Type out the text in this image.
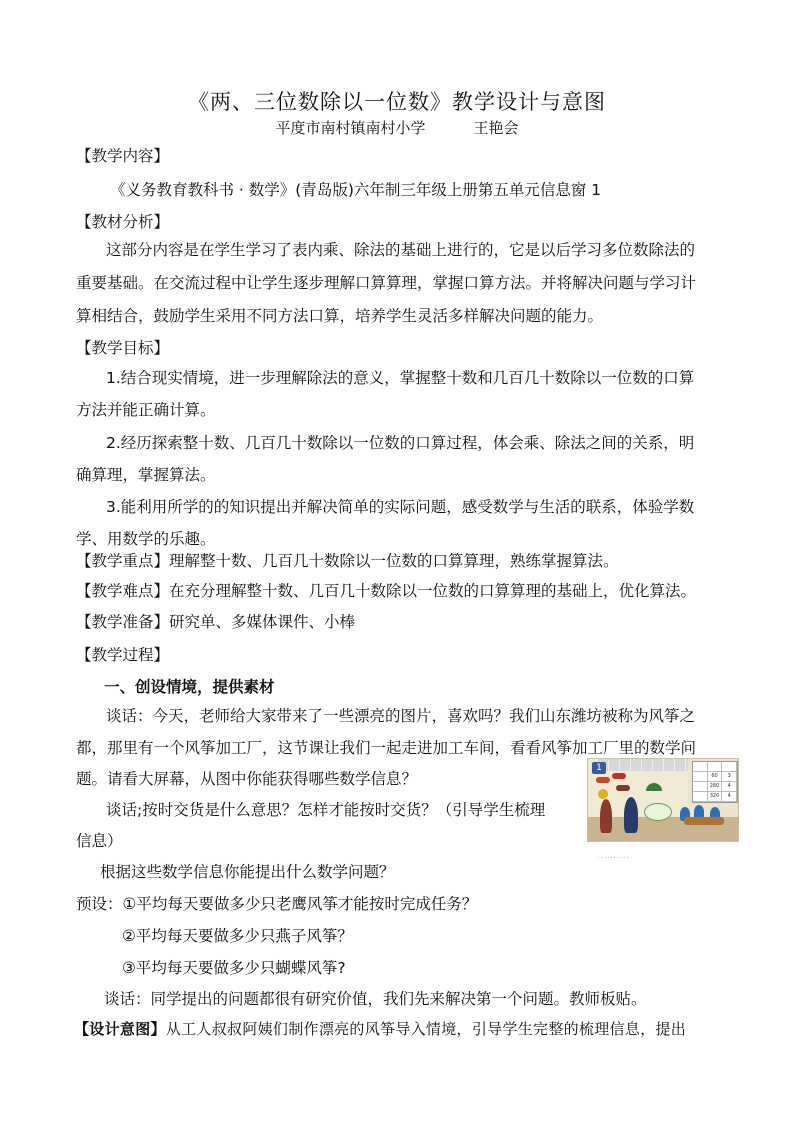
《两、三位数除以一位数》教学设计与意图
平度市南村镇南村小学	王艳会
【教学内容】
《义务教育教科书 · 数学》(青岛版)六年制三年级上册第五单元信息窗 1
【教材分析】
这部分内容是在学生学习了表内乘、除法的基础上进行的，它是以后学习多位数除法的
重要基础。在交流过程中让学生逐步理解口算算理，掌握口算方法。并将解决问题与学习计
算相结合，鼓励学生采用不同方法口算，培养学生灵活多样解决问题的能力。
【教学目标】
1.结合现实情境，进一步理解除法的意义，掌握整十数和几百几十数除以一位数的口算
方法并能正确计算。
2.经历探索整十数、几百几十数除以一位数的口算过程，体会乘、除法之间的关系，明
确算理，掌握算法。
3.能利用所学的的知识提出并解决简单的实际问题，感受数学与生活的联系，体验学数
学、用数学的乐趣。
【教学重点】理解整十数、几百几十数除以一位数的口算算理，熟练掌握算法。
【教学难点】在充分理解整十数、几百几十数除以一位数的口算算理的基础上，优化算法。
【教学准备】研究单、多媒体课件、小棒
【教学过程】
一、创设情境，提供素材
谈话：今天，老师给大家带来了一些漂亮的图片，喜欢吗？我们山东潍坊被称为风筝之
都，那里有一个风筝加工厂，这节课让我们一起走进加工车间，看看风筝加工厂里的数学问
题。请看大屏幕，从图中你能获得哪些数学信息？
谈话;按时交货是什么意思？怎样才能按时交货？（引导学生梳理
信息）
根据这些数学信息你能提出什么数学问题？
预设：①平均每天要做多少只老鹰风筝才能按时完成任务？
②平均每天要做多少只燕子风筝？
③平均每天要做多少只蝴蝶风筝?
谈话：同学提出的问题都很有研究价值，我们先来解决第一个问题。教师板贴。
【设计意图】从工人叔叔阿姨们制作漂亮的风筝导入情境，引导学生完整的梳理信息，提出
1
60	3
280	4
320	4
· · · · · · · · · ·
